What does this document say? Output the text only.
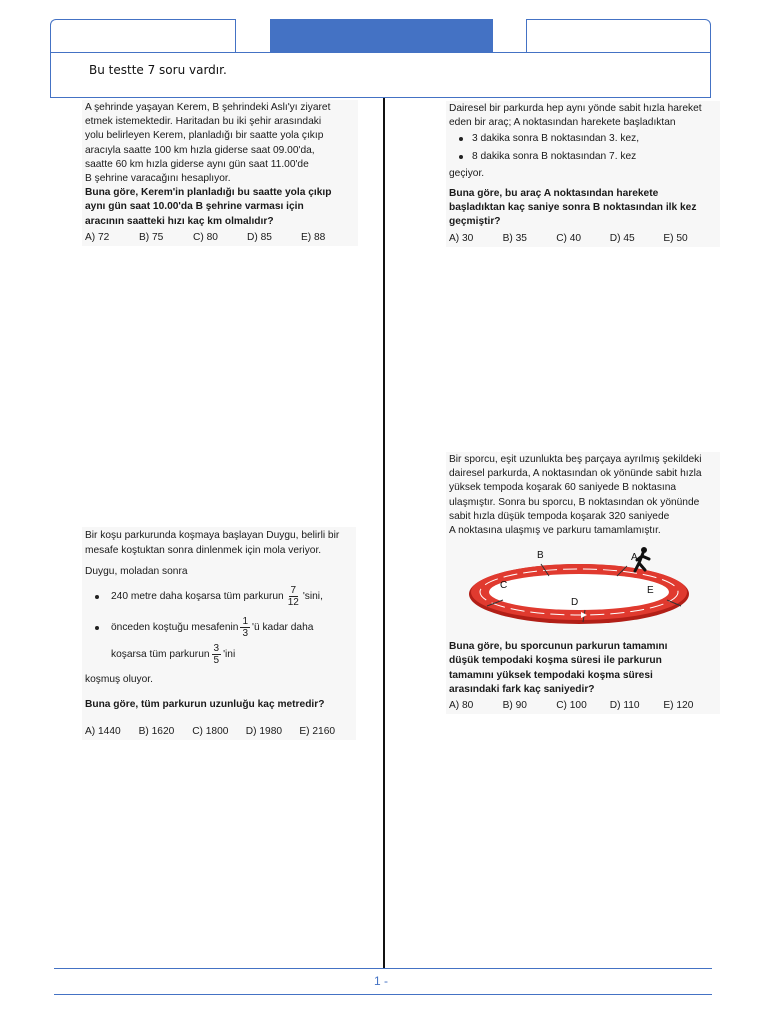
Bu testte 7 soru vardır.

A şehrinde yaşayan Kerem, B şehrindeki Aslı'yı ziyaret

etmek istemektedir. Haritadan bu iki şehir arasındaki

yolu belirleyen Kerem, planladığı bir saatte yola çıkıp

aracıyla saatte 100 km hızla giderse saat 09.00'da,

saatte 60 km hızla giderse aynı gün saat 11.00'de

B şehrine varacağını hesaplıyor.

Buna göre, Kerem'in planladığı bu saatte yola çıkıp

aynı gün saat 10.00'da B şehrine varması için

aracının saatteki hızı kaç km olmalıdır?

A) 72	B) 75	C) 80	D) 85	E) 88

Dairesel bir parkurda hep aynı yönde sabit hızla hareket

eden bir araç; A noktasından harekete başladıktan

3 dakika sonra B noktasından 3. kez,
8 dakika sonra B noktasından 7. kez

geçiyor.

Buna göre, bu araç A noktasından harekete

başladıktan kaç saniye sonra B noktasından ilk kez

geçmiştir?

A) 30	B) 35	C) 40	D) 45	E) 50

Bir koşu parkurunda koşmaya başlayan Duygu, belirli bir

mesafe koştuktan sonra dinlenmek için mola veriyor.

Duygu, moladan sonra

240 metre daha koşarsa tüm parkurun $\frac{7}{12}$ 'sini,
önceden koştuğu mesafenin $\frac{1}{3}$ 'ü kadar daha
koşarsa tüm parkurun $\frac{3}{5}$ 'ini

koşmuş oluyor.

Buna göre, tüm parkurun uzunluğu kaç metredir?

A) 1440	B) 1620	C) 1800	D) 1980	E) 2160

Bir sporcu, eşit uzunlukta beş parçaya ayrılmış şekildeki

dairesel parkurda, A noktasından ok yönünde sabit hızla

yüksek tempoda koşarak 60 saniyede B noktasına

ulaşmıştır. Sonra bu sporcu, B noktasından ok yönünde

sabit hızla düşük tempoda koşarak 320 saniyede

A noktasına ulaşmış ve parkuru tamamlamıştır.

B	A
C	E
D

Buna göre, bu sporcunun parkurun tamamını

düşük tempodaki koşma süresi ile parkurun

tamamını yüksek tempodaki koşma süresi

arasındaki fark kaç saniyedir?

A) 80	B) 90	C) 100	D) 110	E) 120
1 -
